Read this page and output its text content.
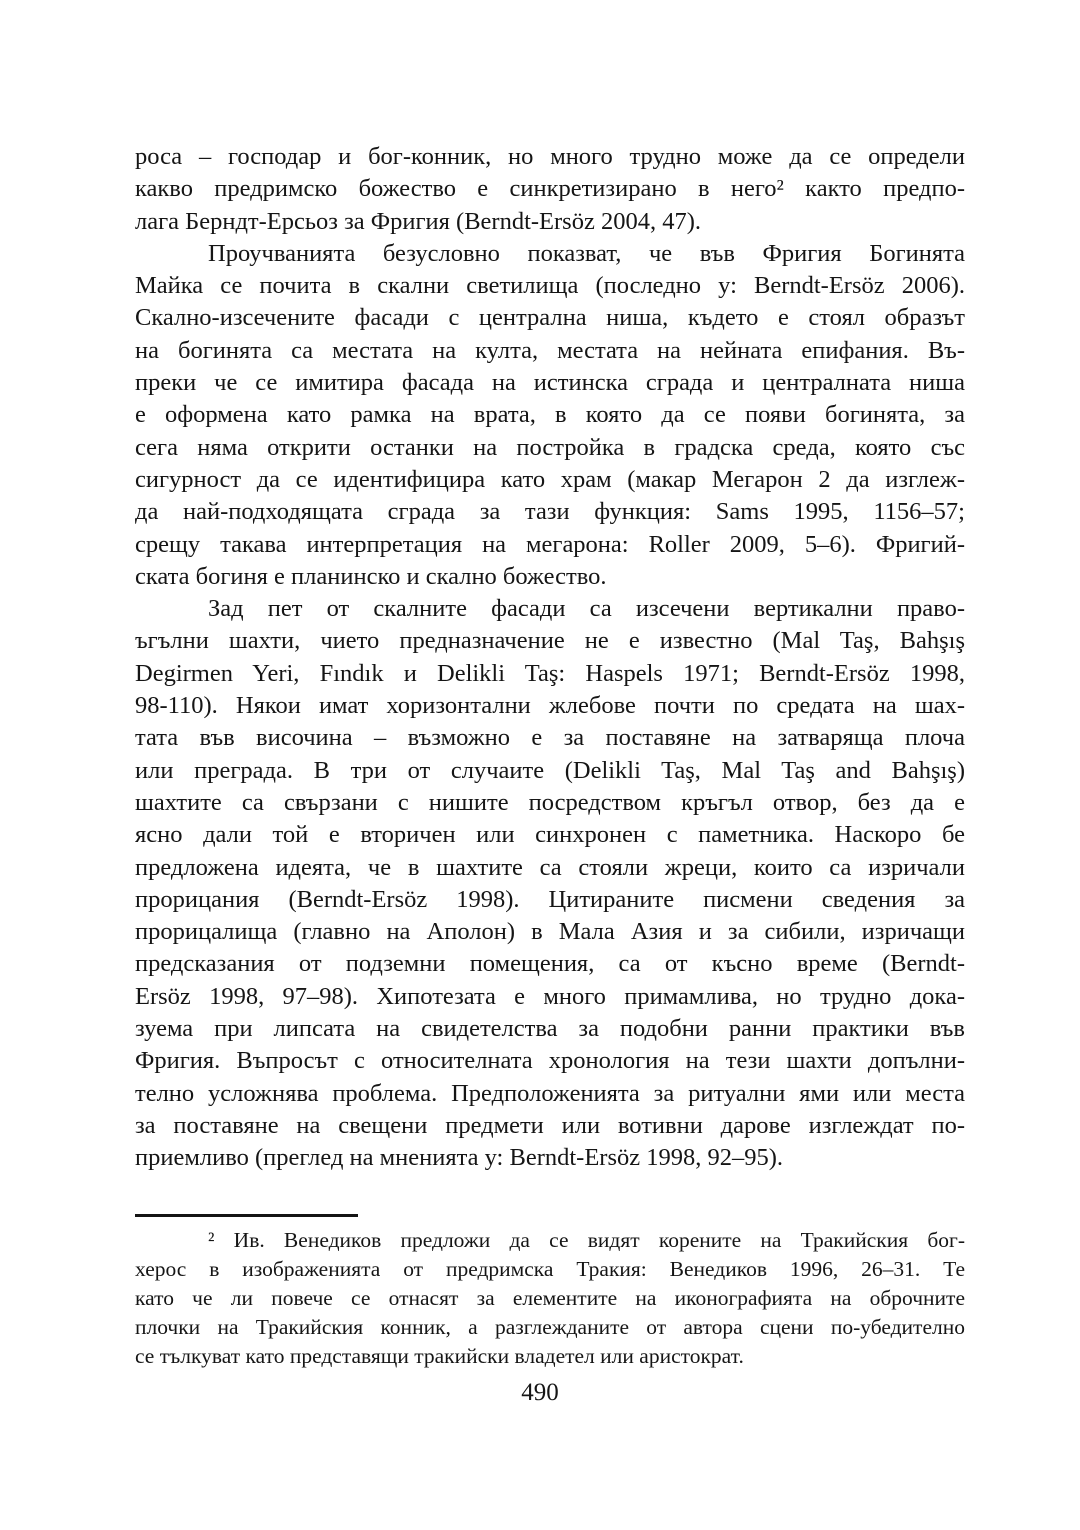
роса – господар и бог-конник, но много трудно може да се определи
какво предримско божество е синкретизирано в него² както предпо-
лага Берндт-Ерсьоз за Фригия (Berndt-Ersöz 2004, 47).
Проучванията безусловно показват, че във Фригия Богинята
Майка се почита в скални светилища (последно у: Berndt-Ersöz 2006).
Скално-изсечените фасади с централна ниша, където е стоял образът
на богинята са местата на култа, местата на нейната епифания. Въ-
преки че се имитира фасада на истинска сграда и централната ниша
е оформена като рамка на врата, в която да се появи богинята, за
сега няма открити останки на постройка в градска среда, която със
сигурност да се идентифицира като храм (макар Мегарон 2 да изглеж-
да най-подходящата сграда за тази функция: Sams 1995, 1156–57;
срещу такава интерпретация на мегарона: Roller 2009, 5–6). Фригий-
ската богиня е планинско и скално божество.
Зад пет от скалните фасади са изсечени вертикални право-
ъгълни шахти, чието предназначение не е известно (Mal Taş, Bahşış
Degirmen Yeri, Fındık и Delikli Taş: Haspels 1971; Berndt-Ersöz 1998,
98-110). Някои имат хоризонтални жлебове почти по средата на шах-
тата във височина – възможно е за поставяне на затваряща плоча
или преграда. В три от случаите (Delikli Taş, Mal Taş and Bahşış)
шахтите са свързани с нишите посредством кръгъл отвор, без да е
ясно дали той е вторичен или синхронен с паметника. Наскоро бе
предложена идеята, че в шахтите са стояли жреци, които са изричали
прорицания (Berndt-Ersöz 1998). Цитираните писмени сведения за
прорицалища (главно на Аполон) в Мала Азия и за сибили, изричащи
предсказания от подземни помещения, са от късно време (Berndt-
Ersöz 1998, 97–98). Хипотезата е много примамлива, но трудно дока-
зуема при липсата на свидетелства за подобни ранни практики във
Фригия. Въпросът с относителната хронология на тези шахти допълни-
телно усложнява проблема. Предположенията за ритуални ями или места
за поставяне на свещени предмети или вотивни дарове изглеждат по-
приемливо (преглед на мненията у: Berndt-Ersöz 1998, 92–95).
² Ив. Венедиков предложи да се видят корените на Тракийския бог-
херос в изображенията от предримска Тракия: Венедиков 1996, 26–31. Те
като че ли повече се отнасят за елементите на иконографията на оброчните
плочки на Тракийския конник, а разглежданите от автора сцени по-убедително
се тълкуват като представящи тракийски владетел или аристократ.
490
